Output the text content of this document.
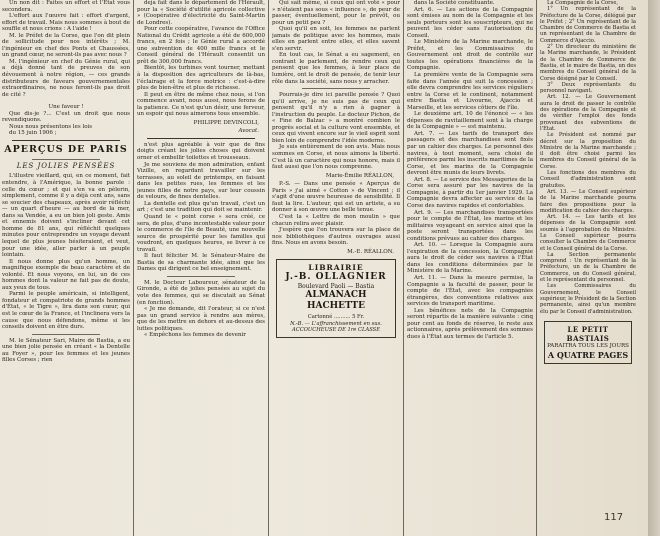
Un non dit : Faites un effort et l'État vous secondera.

L'effort aux l'œuvre fait : effort d'argent, effort de travail. Mais nous sommes à bout de souffle et nous crions : A l'aide !

M. le Préfet de la Corse, que l'on dit plein de sollicitude pour nos intérêts ; M. l'ingénieur en chef des Ponts et Chaussées, un grand cœur, ne seront-ils pas avec nous ?

M. l'ingénieur en chef du Génie rural, qui a déjà donné tant de preuves de son dévouement à notre région, — ces grands distributeurs de faveurs gouvernementales extraordinaires, ne nous feront-ils pas droit de cité ?

Une faveur !

Que dis-je ?... C'est un droit que nous revendiquons.

Nous nous présentons les lois

du 15 juin 1906 ;

APERÇUS DE PARIS
LES JOLIES PENSÉES

L'illustre vieillard, qui, en ce moment, fait entendre, à l'Amérique, la bonne parole : celle du cœur ; et qui s'en va en pèlerin, simplement, comme il y a déjà cent ans, sans se soucier des chapeaux, après avoir réfléchi — un quart d'heure — au bord de la mer, dans sa Vendée, a eu un bien joli geste. Amis et ennemis doivent s'incliner devant cet homme de 81 ans, qui réfléchit quelques minutes pour entreprendre un voyage devant lequel de plus jeunes hésiteraient, et veut, pour une idée, aller parler à un peuple lointain.

Il nous donne plus qu'un homme, un magnifique exemple de beau caractère et de volonté. Et nous voyons, en lui, un de ces hommes dont la valeur ne fait pas de doute, aux yeux de tous.

Parmi le peuple américain, si intelligent, fondateur et compatriote de grands hommes d'État, « le Tigre », lira dans son cœur, qui est le cœur de la France, et l'inclinera vers la cause que nous défendons, même si les conseils doivent en être durs.

M. le Sénateur Sari, Maire de Bastia, a eu une bien jolie pensée en créant « la Dentelle au Foyer », pour les femmes et les jeunes filles Corses ; rien

deja fait dans le département de l'Hérault, pour la « Société d'utilité agricole collective » (Coopérative d'électricité du Saint-Martin de Londres).

Pour cette coopérative, l'avance de l'Office National du Crédit agricole a été de 600,000 francs, en 2 fois ; le Génie rural a accordé une subvention de 400 mille francs et le Conseil général de l'Hérault consentit un prêt de 300,000 francs.

Bientôt, les turbines vont tourner, mettant à la disposition des agriculteurs de là-bas, l'éclairage et la force motrice : c'est-à-dire plus de bien-être et plus de richesse.

Il peut en être de même chez nous, si l'on commence avant, nous aussi, nous ferons de la patience. Ce n'est qu'un désir, une ferveur, un espoir qui nous aimerons tous ensemble.

PHILIPPE DEVINCOLI,
Avocat.

n'est plus agréable à voir que de fins doigts créant les jolies choses qui doivent orner et embellir toilettes et trousseaux.

Je me souviens de mon admiration, enfant Vizille, en regardant travailler sur les terrasses, au soleil de printemps, en faisant dans les petites rues, les femmes et les jeunes filles de notre pays, sur leur coussin de velours, de fines dentelles.

La dentelle est plus qu'un travail, c'est un art ; c'est une tradition qui doit se maintenir.

Quand le « point corse » sera créé, ce sera, de plus, d'une incontestable valeur pour le commerce de l'île de Beauté, une nouvelle source de prospérité pour les familles qui voudront, en quelques heures, se livrer à ce travail.

Il faut féliciter M. le Sénateur-Maire de Bastia de sa charmante idée, ainsi que les Dames qui dirigent ce bel enseignement.

M. le Docteur Laboureur, sénateur de la Gironde, a été de jolies pensées au sujet du vote des femmes, qui se discutait au Sénat (en fonction).

« Je me demande, dit l'orateur, si ce n'est pas un grand service à rendre aux mères, que de les mettre en dehors et au-dessus des luttes politiques.

« Empêchons les femmes de devenir

Qui sait même, si ceux qui ont voté « pour » n'étaient pas sous « influence », de peur de passer, éventuellement, pour le prévôt, ou pour un petit peu ?

Quoi qu'il en soit, les femmes ne parlent jamais de politique avec les hommes, mais elles en parlent entre elles, et elles savent s'en servir.

En tout cas, le Sénat a eu sagement, en contrant le parlement, de rendre ceux qui pensent que les femmes, à leur place de lumière, ont le droit de pensée, de tenir leur rôle dans la société, sans nous y arracher.

Pourrais-je dire ici pareille pensée ? Quoi qu'il arrive, je ne suis pas de ceux qui pensent qu'il n'y a rien à gagner à l'instruction du peuple. Le docteur Pichon, de « Fine de Balzac » a montré combien le progrès social et la culture vont ensemble, et ceux qui vivent encore sur le vieil esprit sont bien loin de comprendre l'idée moderne.

Je suis entièrement de son avis. Mais nous sommes en Corse, et nous aimons la liberté. C'est là un caractère qui nous honore, mais il faut aussi que l'on nous comprenne.

Marie-Émilie RÉALLON,

P.-S. — Dans une pensée « Aperçus de Paris » j'ai aimé « Cotton » de Vincent ; il s'agit d'une œuvre heureuse de sensibilité. Il faut la lire. L'auteur, qui est un artiste, a su donner à son œuvre une belle tenue.

C'est la « Lettre de mon moulin » que chacun relira avec plaisir.

J'espère que l'on trouvera sur la place de nos bibliothèques d'autres ouvrages aussi fins. Nous en avons besoin.

M.-E. RÉALLON.
LIBRAIRIE
J.-B. OLLAGNIER
Boulevard Paoli — Bastia
ALMANACH HACHETTE
Cartonné .......... 5 Fr.
N.-B. — L'affranchissement en sus. ACCOUCHEUSE DE 1re CLASSE

dans la Société constituante.

Art. 6. — Les actions de la Compagnie sont émises au nom de la Compagnie et les seuls porteurs sont les souscripteurs, qui ne peuvent les céder sans l'autorisation du Conseil.

Le Ministère de la Marine marchande, le Préfet, et les Commissaires du Gouvernement ont droit de contrôle sur toutes les opérations financières de la Compagnie.

La première vente de la Compagnie sera faite dans l'année qui suit la concession ; elle devra comprendre les services réguliers entre la Corse et le continent, notamment entre Bastia et Livourne, Ajaccio et Marseille, et les services côtiers de l'île.

Le deuxième art. 10 de l'énoncé — « les dépenses de ravitaillement sont à la charge de la Compagnie » — est maintenu.

Art. 7. — Les tarifs de transport des passagers et des marchandises sont fixés par un cahier des charges. Le personnel des navires, à tout moment, sera choisi de préférence parmi les inscrits maritimes de la Corse, et les marins de la Compagnie devront être munis de leurs livrets.

Art. 8. — Le service des Messageries de la Corse sera assuré par les navires de la Compagnie, à partir du 1er janvier 1929. La Compagnie devra affecter au service de la Corse des navires rapides et confortables.

Art. 9. — Les marchandises transportées pour le compte de l'État, les marins et les militaires voyageant en service ainsi que la poste seront transportées dans les conditions prévues au cahier des charges.

Art. 10. — Lorsque la Compagnie aura l'expiration de la concession, la Compagnie aura le droit de céder ses navires à l'État dans les conditions déterminées par le Ministère de la Marine.

Art. 11. — Dans la mesure permise, la Compagnie a la faculté de passer, pour le compte de l'État, avec les compagnies étrangères, des conventions relatives aux services de transport maritime.

Les bénéfices nets de la Compagnie seront répartis de la manière suivante : cinq pour cent au fonds de réserve, le reste aux actionnaires, après prélèvement des sommes dues à l'État aux termes de l'article 5.

La Compagnie de la Corse,

1° Un représentant de la Préfecture de la Corse, délégué par le Préfet ; 2° Un représentant de la Chambre de Commerce de Bastia et un représentant de la Chambre de Commerce d'Ajaccio.

2° Un directeur du ministère de la Marine marchande, le Président de la Chambre de Commerce de Bastia, et le maire de Bastia, un des membres du Conseil général de la Corse désigné par le Conseil.

3° Deux représentants du personnel navigant.

Art. 12. — Le Gouvernement aura le droit de passer le contrôle des opérations de la Compagnie et de vérifier l'emploi des fonds provenant des subventions de l'État.

Le Président est nommé par décret sur la proposition du Ministre de la Marine marchande ; il doit être choisi parmi les membres du Conseil général de la Corse.

Les fonctions des membres du Conseil d'administration sont gratuites.

Art. 13. — Le Conseil supérieur de la Marine marchande pourra faire des propositions pour la modification du cahier des charges.

Art. 14. — Les tarifs et les dépenses de la Compagnie sont soumis à l'approbation du Ministre. Le Conseil supérieur pourra consulter la Chambre de Commerce et le Conseil général de la Corse.

La Section permanente comprend : Un représentant de la Préfecture, un de la Chambre de Commerce, un du Conseil général, et le représentant du personnel.

Les Commissaires du Gouvernement, le Conseil supérieur, le Président de la Section permanente, ainsi qu'un membre élu par le Conseil d'administration.

LE PETIT BASTIAIS
PARAITRA TOUS LES JOURS
A QUATRE PAGES
117
